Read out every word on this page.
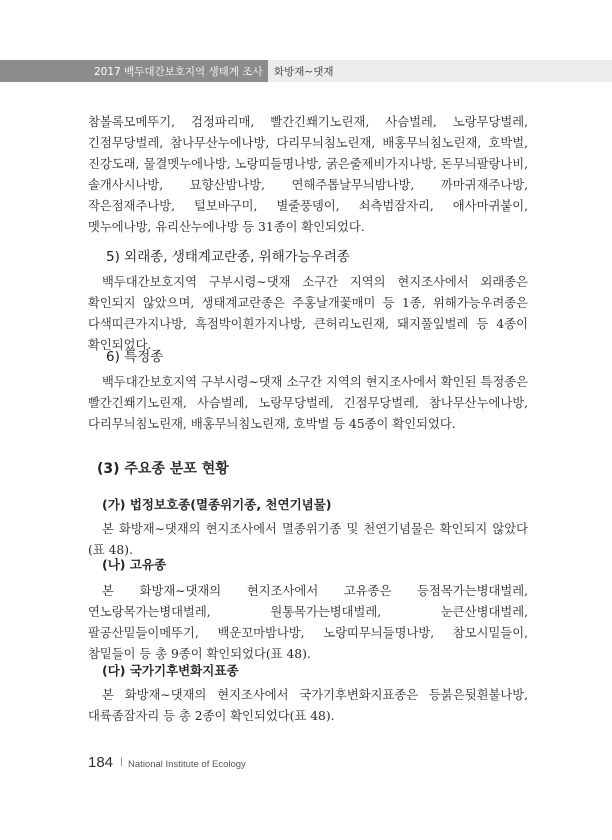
2017 백두대간보호지역 생태계 조사 화방재∼댓재

참볼록모메뚜기, 검정파리매, 빨간긴쐐기노린재, 사슴벌레, 노랑무당벌레, 긴점무당벌레, 참나무산누에나방, 다리무늬침노린재, 배홍무늬침노린재, 호박벌, 진강도래, 물결멧누에나방, 노랑띠들명나방, 굵은줄제비가지나방, 돈무늬팔랑나비, 솔개사시나방, 묘향산밤나방, 연해주톱날무늬밤나방, 까마귀재주나방, 작은점재주나방, 털보바구미, 별줄풍뎅이, 쇠측범잠자리, 애사마귀붙이, 멧누에나방, 유리산누에나방 등 31종이 확인되었다.

5) 외래종, 생태계교란종, 위해가능우려종

백두대간보호지역 구부시령∼댓재 소구간 지역의 현지조사에서 외래종은 확인되지 않았으며, 생태계교란종은 주홍날개꽃매미 등 1종, 위해가능우려종은 다색띠큰가지나방, 흑점박이흰가지나방, 큰허리노린재, 돼지풀잎벌레 등 4종이 확인되었다.

6) 특정종

백두대간보호지역 구부시령∼댓재 소구간 지역의 현지조사에서 확인된 특정종은 빨간긴쐐기노린재, 사슴벌레, 노랑무당벌레, 긴점무당벌레, 참나무산누에나방, 다리무늬침노린재, 배홍무늬침노린재, 호박벌 등 45종이 확인되었다.

(3) 주요종 분포 현황
(가) 법정보호종(멸종위기종, 천연기념물)

본 화방재∼댓재의 현지조사에서 멸종위기종 및 천연기념물은 확인되지 않았다(표 48).

(나) 고유종

본 화방재∼댓재의 현지조사에서 고유종은 등점목가는병대벌레, 연노랑목가는병대벌레, 원통목가는병대벌레, 눈큰산병대벌레, 팔공산밑들이메뚜기, 백운꼬마밤나방, 노랑띠무늬들명나방, 참모시밑들이, 참밑들이 등 총 9종이 확인되었다(표 48).

(다) 국가기후변화지표종

본 화방재∼댓재의 현지조사에서 국가기후변화지표종은 등붉은뒷흰불나방, 대륙좀잠자리 등 총 2종이 확인되었다(표 48).

184 National Institute of Ecology
